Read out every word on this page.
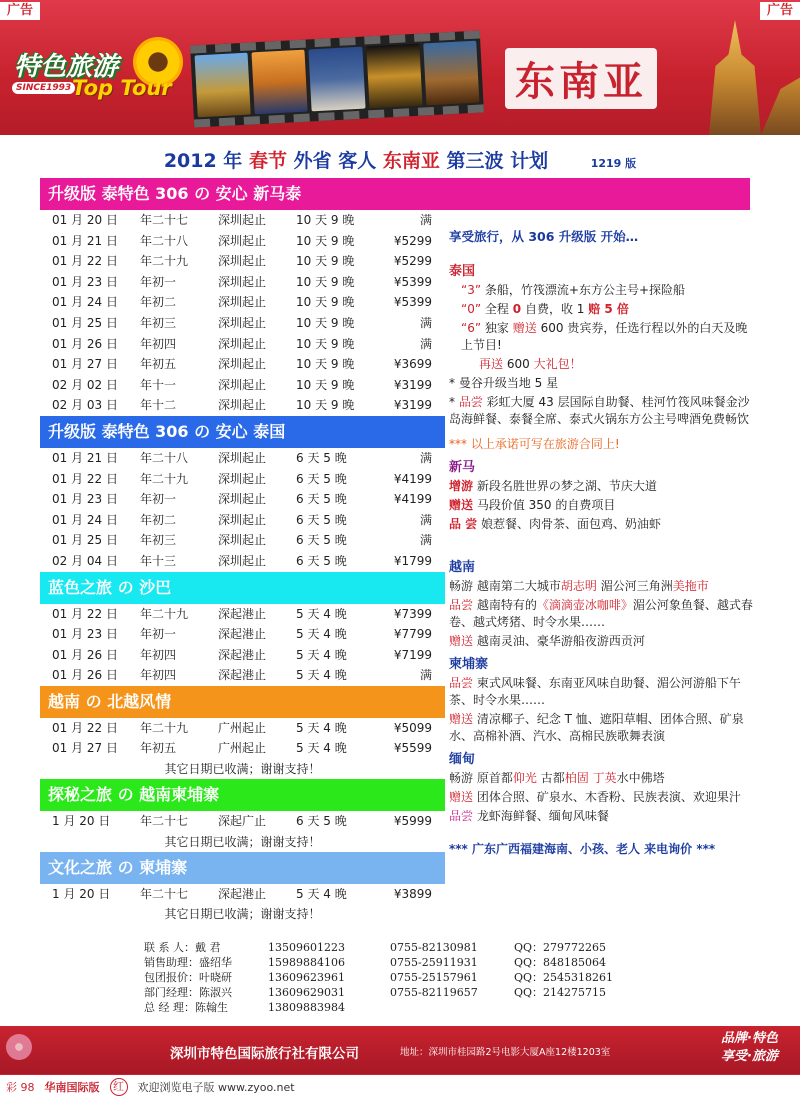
广告	广告
特色旅游
SINCE1993 Top Tour	东南亚
2012 年 春节 外省 客人 东南亚 第三波 计划	1219 版
升级版 泰特色 306 の 安心 新马泰
01 月 20 日	年二十七	深圳起止	10 天 9 晚	满
01 月 21 日	年二十八	深圳起止	10 天 9 晚	¥5299
01 月 22 日	年二十九	深圳起止	10 天 9 晚	¥5299
01 月 23 日	年初一	深圳起止	10 天 9 晚	¥5399
01 月 24 日	年初二	深圳起止	10 天 9 晚	¥5399
01 月 25 日	年初三	深圳起止	10 天 9 晚	满
01 月 26 日	年初四	深圳起止	10 天 9 晚	满
01 月 27 日	年初五	深圳起止	10 天 9 晚	¥3699
02 月 02 日	年十一	深圳起止	10 天 9 晚	¥3199
02 月 03 日	年十二	深圳起止	10 天 9 晚	¥3199
升级版 泰特色 306 の 安心 泰国
01 月 21 日	年二十八	深圳起止	6 天 5 晚	满
01 月 22 日	年二十九	深圳起止	6 天 5 晚	¥4199
01 月 23 日	年初一	深圳起止	6 天 5 晚	¥4199
01 月 24 日	年初二	深圳起止	6 天 5 晚	满
01 月 25 日	年初三	深圳起止	6 天 5 晚	满
02 月 04 日	年十三	深圳起止	6 天 5 晚	¥1799
蓝色之旅 の 沙巴
01 月 22 日	年二十九	深起港止	5 天 4 晚	¥7399
01 月 23 日	年初一	深起港止	5 天 4 晚	¥7799
01 月 26 日	年初四	深起港止	5 天 4 晚	¥7199
01 月 26 日	年初四	深起港止	5 天 4 晚	满
越南 の 北越风情
01 月 22 日	年二十九	广州起止	5 天 4 晚	¥5099
01 月 27 日	年初五	广州起止	5 天 4 晚	¥5599
其它日期已收满；谢谢支持！
探秘之旅 の 越南柬埔寨
1 月 20 日	年二十七	深起广止	6 天 5 晚	¥5999
其它日期已收满；谢谢支持！
文化之旅 の 柬埔寨
1 月 20 日	年二十七	深起港止	5 天 4 晚	¥3899
其它日期已收满；谢谢支持！
享受旅行，从 306 升级版 开始…
泰国
“3” 条船，竹筏漂流+东方公主号+探险船
“0” 全程 0 自费，收 1 赔 5 倍
“6” 独家 赠送 600 贵宾券，任选行程以外的白天及晚上节目!
再送 600 大礼包！
* 曼谷升级当地 5 星
* 品尝 彩虹大厦 43 层国际自助餐、桂河竹筏风味餐金沙岛海鲜餐、泰餐全席、泰式火锅东方公主号啤酒免费畅饮
*** 以上承诺可写在旅游合同上!
新马
增游 新段名胜世界の梦之湖、节庆大道
赠送 马段价值 350 的自费项目
品 尝 娘惹餐、肉骨茶、面包鸡、奶油虾
越南
畅游 越南第二大城市胡志明 湄公河三角洲美拖市
品尝 越南特有的《滴滴壶冰咖啡》湄公河象鱼餐、越式春卷、越式烤猪、时令水果……
赠送 越南灵油、豪华游船夜游西贡河
柬埔寨
品尝 柬式风味餐、东南亚风味自助餐、湄公河游船下午茶、时令水果……
赠送 清凉椰子、纪念 T 恤、遮阳草帽、团体合照、矿泉水、高棉补酒、汽水、高棉民族歌舞表演
缅甸
畅游 原首都仰光 古都柏固 丁英水中佛塔
赠送 团体合照、矿泉水、木香粉、民族表演、欢迎果汁
品尝 龙虾海鲜餐、缅甸风味餐
*** 广东广西福建海南、小孩、老人 来电询价 ***
联 系 人：戴 君	13509601223	0755-82130981	QQ：279772265
销售助理：盛绍华	15989884106	0755-25911931	QQ：848185064
包团报价：叶晓研	13609623961	0755-25157961	QQ：2545318261
部门经理：陈淑兴	13609629031	0755-82119657	QQ：214275715
总 经 理：陈翰生	13809883984
深圳市特色国际旅行社有限公司	地址：深圳市桂园路2号电影大厦A座12楼1203室
品牌·特色
享受·旅游
彩 98 华南国际版	红	欢迎浏览电子版 www.zyoo.net
